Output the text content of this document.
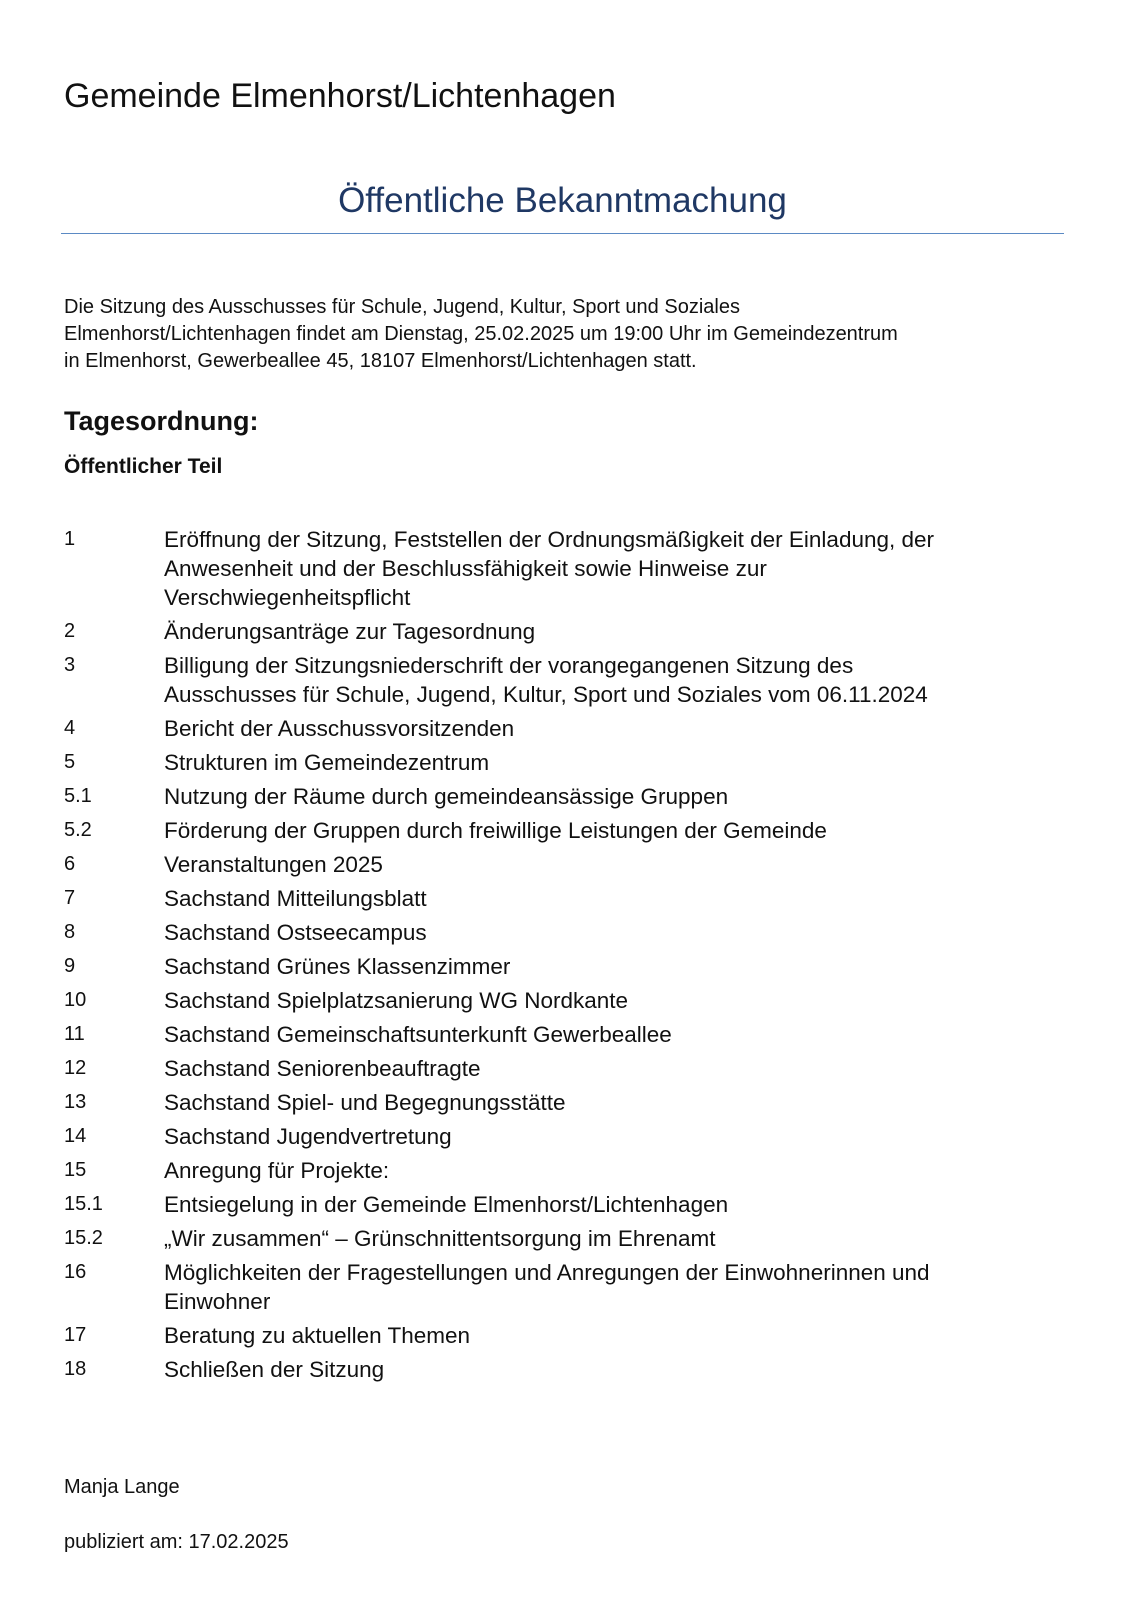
Gemeinde Elmenhorst/Lichtenhagen
Öffentliche Bekanntmachung

Die Sitzung des Ausschusses für Schule, Jugend, Kultur, Sport und Soziales
Elmenhorst/Lichtenhagen findet am Dienstag, 25.02.2025 um 19:00 Uhr im Gemeindezentrum
in Elmenhorst, Gewerbeallee 45, 18107 Elmenhorst/Lichtenhagen statt.

Tagesordnung:
Öffentlicher Teil
1	Eröffnung der Sitzung, Feststellen der Ordnungsmäßigkeit der Einladung, der
Anwesenheit und der Beschlussfähigkeit sowie Hinweise zur
Verschwiegenheitspflicht
2	Änderungsanträge zur Tagesordnung
3	Billigung der Sitzungsniederschrift der vorangegangenen Sitzung des
Ausschusses für Schule, Jugend, Kultur, Sport und Soziales vom 06.11.2024
4	Bericht der Ausschussvorsitzenden
5	Strukturen im Gemeindezentrum
5.1	Nutzung der Räume durch gemeindeansässige Gruppen
5.2	Förderung der Gruppen durch freiwillige Leistungen der Gemeinde
6	Veranstaltungen 2025
7	Sachstand Mitteilungsblatt
8	Sachstand Ostseecampus
9	Sachstand Grünes Klassenzimmer
10	Sachstand Spielplatzsanierung WG Nordkante
11	Sachstand Gemeinschaftsunterkunft Gewerbeallee
12	Sachstand Seniorenbeauftragte
13	Sachstand Spiel- und Begegnungsstätte
14	Sachstand Jugendvertretung
15	Anregung für Projekte:
15.1	Entsiegelung in der Gemeinde Elmenhorst/Lichtenhagen
15.2	„Wir zusammen“ – Grünschnittentsorgung im Ehrenamt
16	Möglichkeiten der Fragestellungen und Anregungen der Einwohnerinnen und
Einwohner
17	Beratung zu aktuellen Themen
18	Schließen der Sitzung

Manja Lange

publiziert am: 17.02.2025
